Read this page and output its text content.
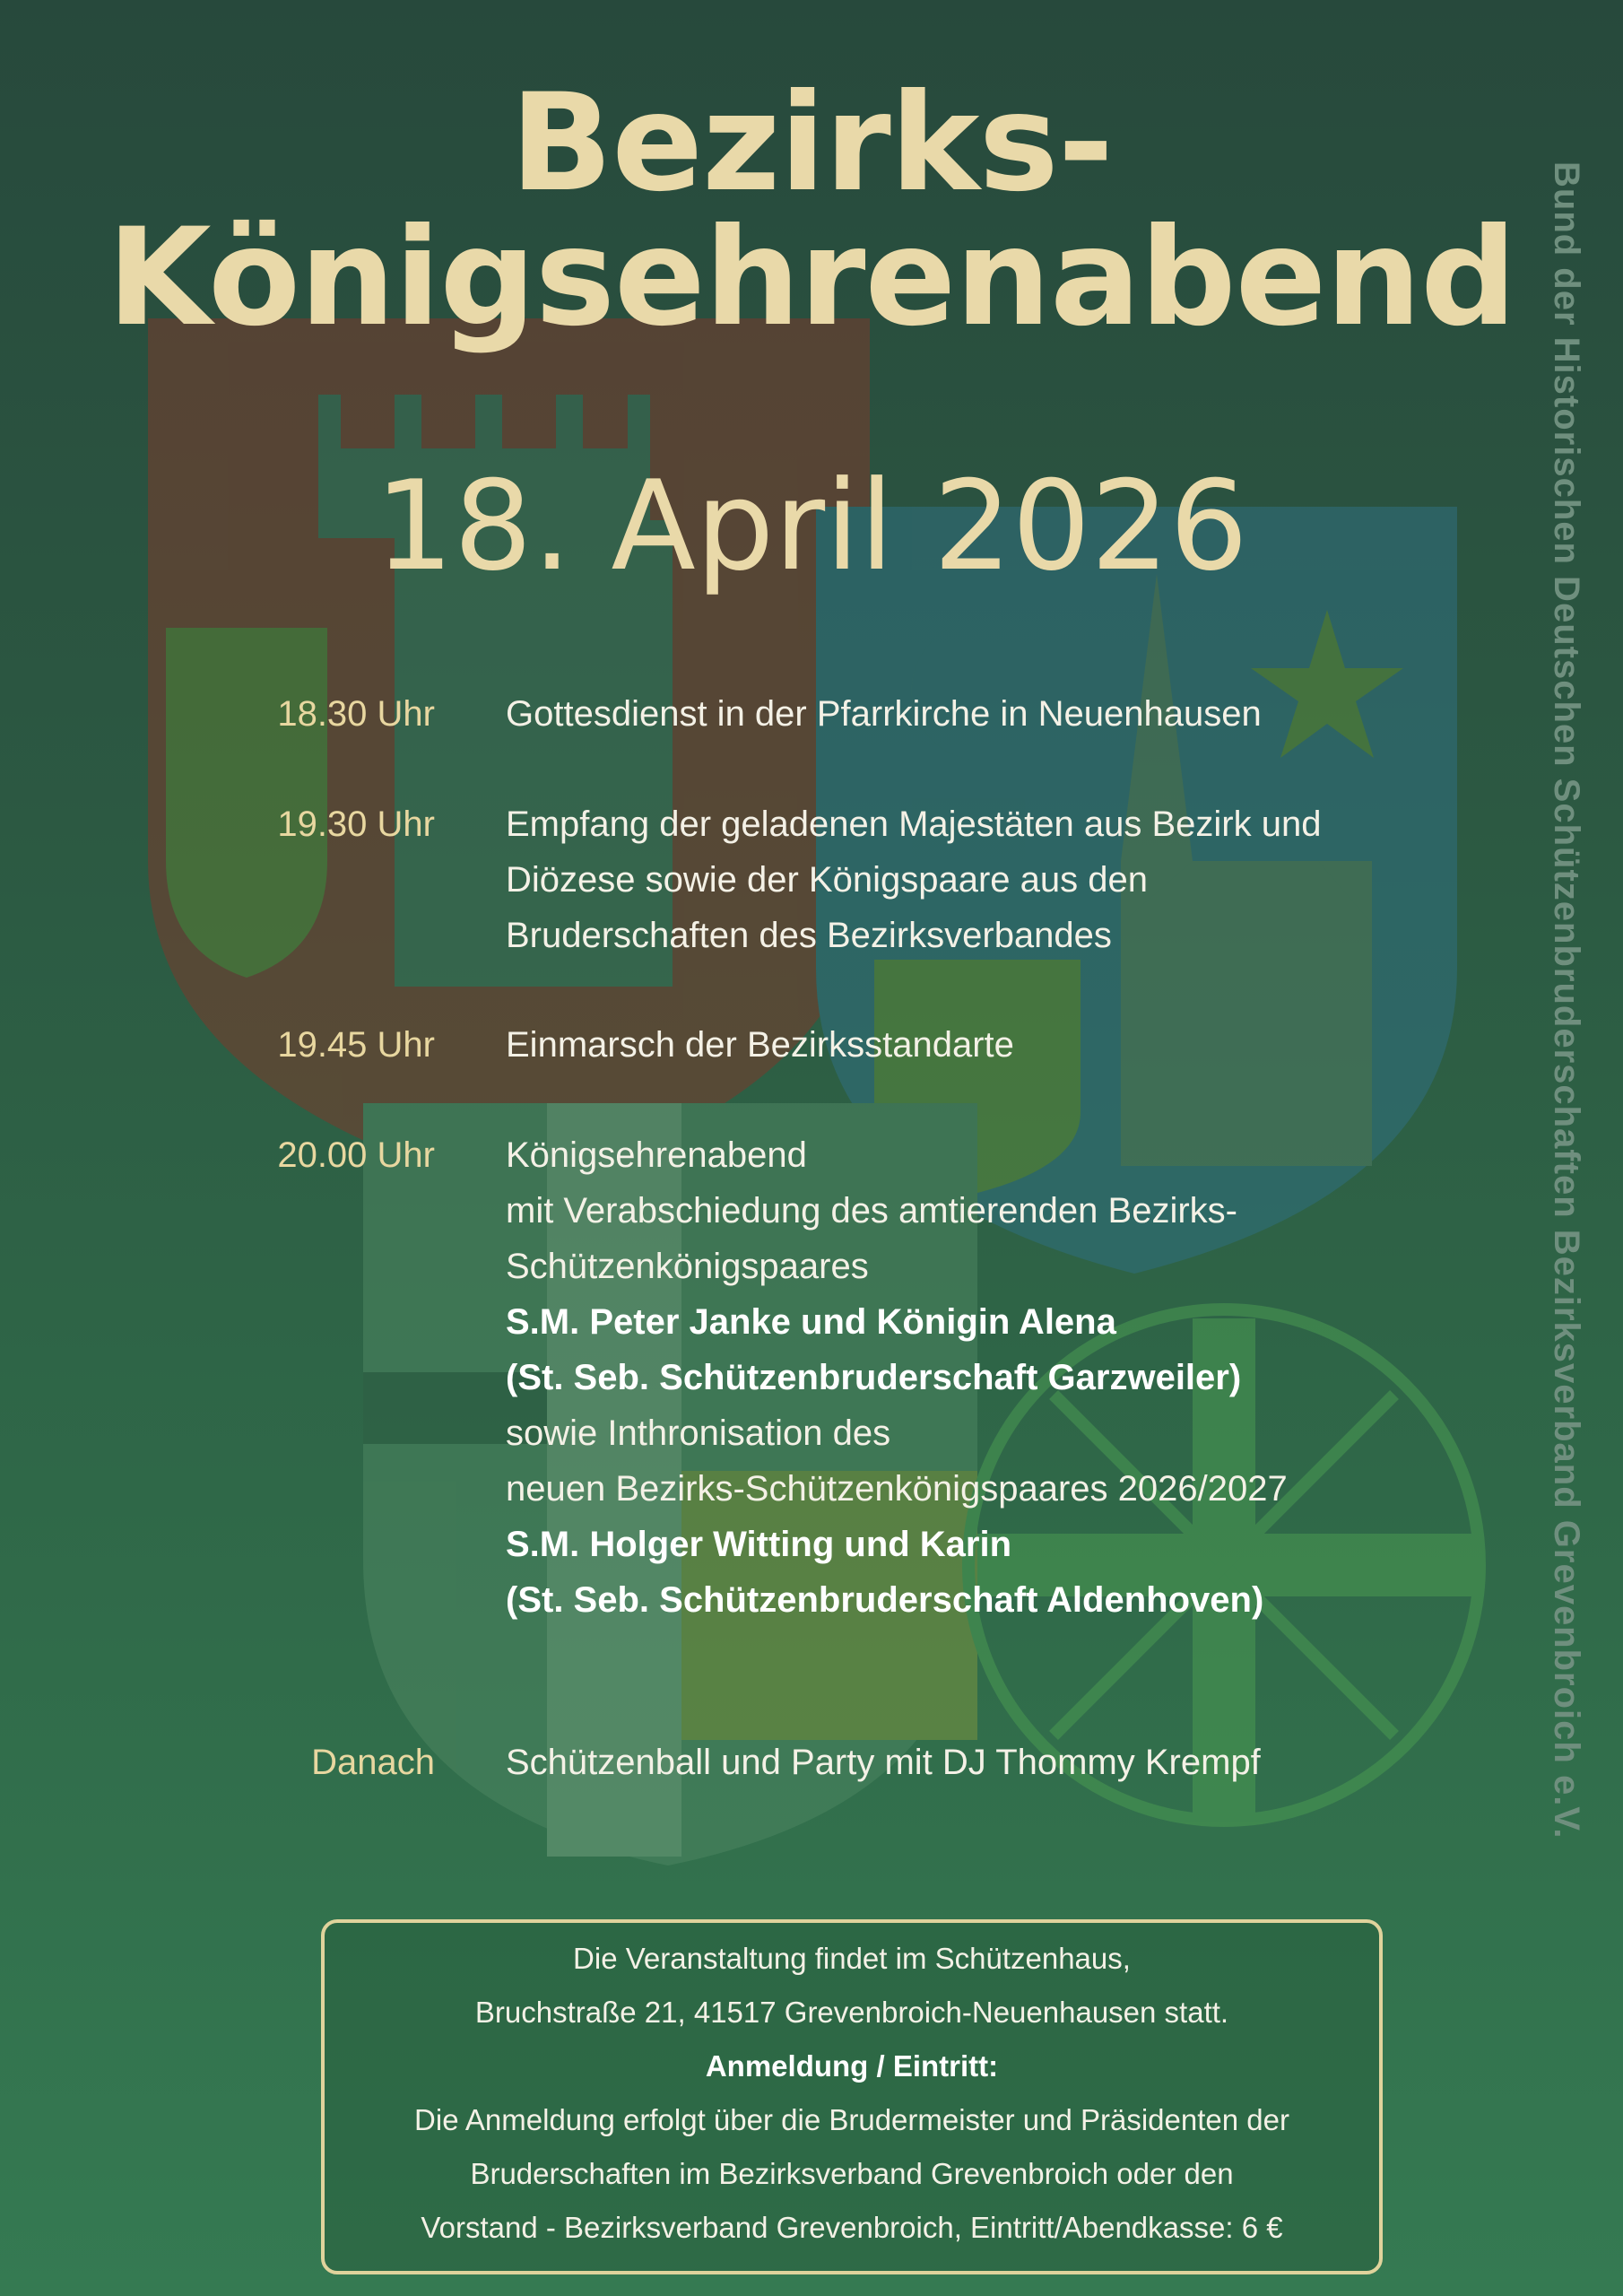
Bezirks-
Königsehrenabend
18. April 2026
18.30 Uhr Gottesdienst in der Pfarrkirche in Neuenhausen
19.30 Uhr Empfang der geladenen Majestäten aus Bezirk und
Diözese sowie der Königspaare aus den
Bruderschaften des Bezirksverbandes
19.45 Uhr Einmarsch der Bezirksstandarte
20.00 Uhr Königsehrenabend
mit Verabschiedung des amtierenden Bezirks-
Schützenkönigspaares
S.M. Peter Janke und Königin Alena
(St. Seb. Schützenbruderschaft Garzweiler)
sowie Inthronisation des
neuen Bezirks-Schützenkönigspaares 2026/2027
S.M. Holger Witting und Karin
(St. Seb. Schützenbruderschaft Aldenhoven)
Danach Schützenball und Party mit DJ Thommy Krempf
Die Veranstaltung findet im Schützenhaus,
Bruchstraße 21, 41517 Grevenbroich-Neuenhausen statt.
Anmeldung / Eintritt:
Die Anmeldung erfolgt über die Brudermeister und Präsidenten der
Bruderschaften im Bezirksverband Grevenbroich oder den
Vorstand - Bezirksverband Grevenbroich, Eintritt/Abendkasse: 6 €
Bund der Historischen Deutschen Schützenbruderschaften Bezirksverband Grevenbroich e.V.
